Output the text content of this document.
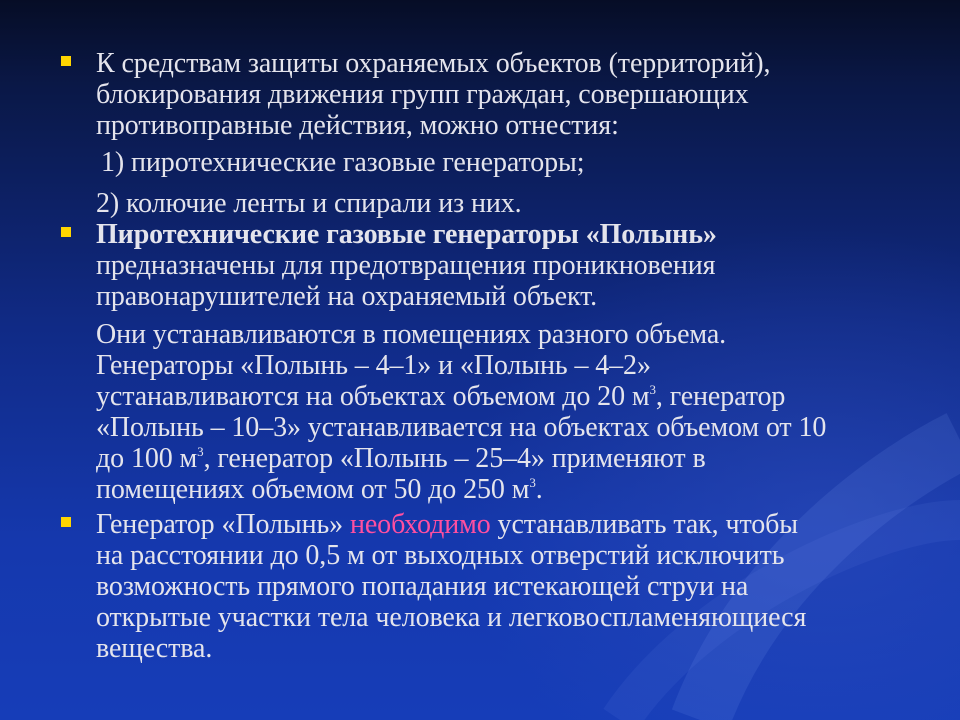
К средствам защиты охраняемых объектов (территорий),
блокирования движения групп граждан, совершающих
противоправные действия, можно отнестия:
1) пиротехнические газовые генераторы;
2) колючие ленты и спирали из них.
Пиротехнические газовые генераторы «Полынь»
предназначены для предотвращения проникновения
правонарушителей на охраняемый объект.
Они устанавливаются в помещениях разного объема.
Генераторы «Полынь – 4–1» и «Полынь – 4–2»
устанавливаются на объектах объемом до 20 $м^3$, генератор
«Полынь – 10–3» устанавливается на объектах объемом от 10
до 100 $м^3$, генератор «Полынь – 25–4» применяют в
помещениях объемом от 50 до 250 $м^3$.
Генератор «Полынь» необходимо устанавливать так, чтобы
на расстоянии до 0,5 м от выходных отверстий исключить
возможность прямого попадания истекающей струи на
открытые участки тела человека и легковоспламеняющиеся
вещества.
